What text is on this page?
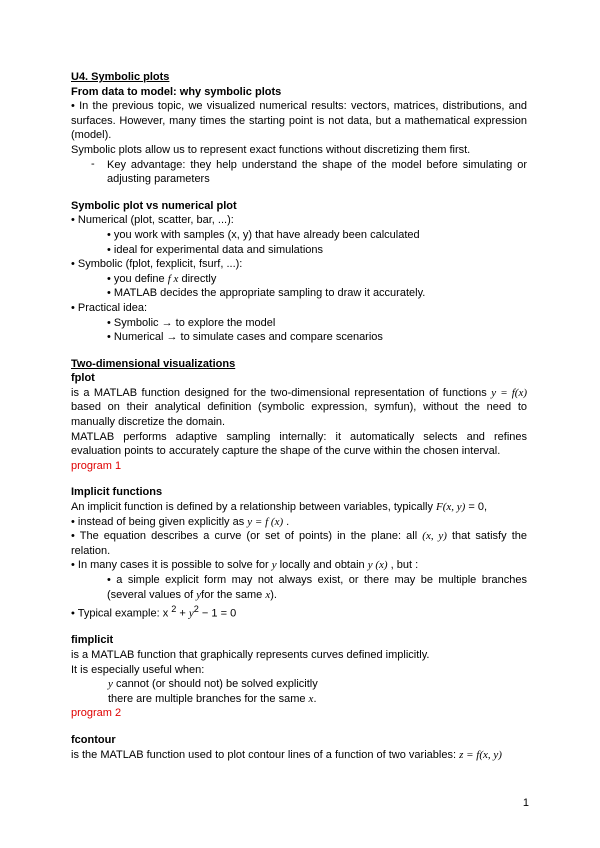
U4. Symbolic plots
From data to model: why symbolic plots
• In the previous topic, we visualized numerical results: vectors, matrices, distributions, and
surfaces. However, many times the starting point is not data, but a mathematical expression
(model).
Symbolic plots allow us to represent exact functions without discretizing them first.
-	Key advantage: they help understand the shape of the model before simulating or
adjusting parameters
Symbolic plot vs numerical plot
• Numerical (plot, scatter, bar, ...):
• you work with samples (x, y) that have already been calculated
• ideal for experimental data and simulations
• Symbolic (fplot, fexplicit, fsurf, ...):
• you define f x directly
• MATLAB decides the appropriate sampling to draw it accurately.
• Practical idea:
• Symbolic → to explore the model
• Numerical → to simulate cases and compare scenarios
Two-dimensional visualizations
fplot
is a MATLAB function designed for the two-dimensional representation of functions y = f(x)
based on their analytical definition (symbolic expression, symfun), without the need to
manually discretize the domain.
MATLAB performs adaptive sampling internally: it automatically selects and refines
evaluation points to accurately capture the shape of the curve within the chosen interval.
program 1
Implicit functions
An implicit function is defined by a relationship between variables, typically F(x, y) = 0,
• instead of being given explicitly as y = f (x) .
• The equation describes a curve (or set of points) in the plane: all (x, y) that satisfy the
relation.
• In many cases it is possible to solve for y locally and obtain y (x) , but :
• a simple explicit form may not always exist, or there may be multiple branches
(several values of yfor the same x).
• Typical example: x $^2 + y^2 - 1 = 0$
fimplicit
is a MATLAB function that graphically represents curves defined implicitly.
It is especially useful when:
y cannot (or should not) be solved explicitly
there are multiple branches for the same x.
program 2
fcontour
is the MATLAB function used to plot contour lines of a function of two variables: z = f(x, y)
1
